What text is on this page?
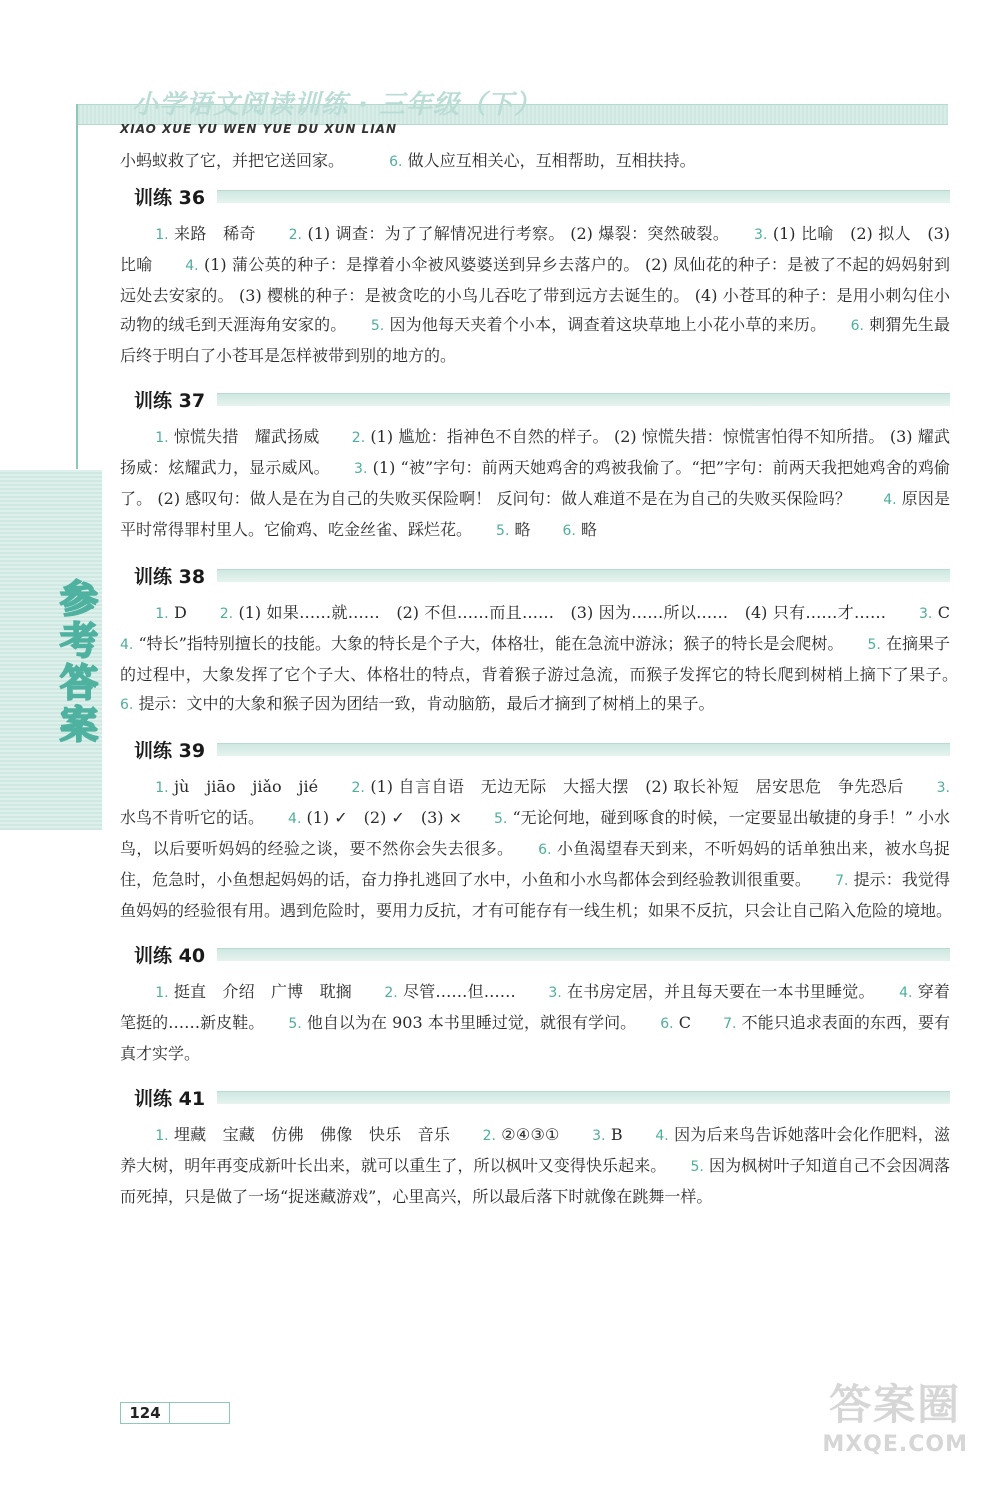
小学语文阅读训练 · 三年级（下）
XIAO XUE YU WEN YUE DU XUN LIAN
参
考
答
案

小蚂蚁救了它，并把它送回家。　　　	6. 做人应互相关心，互相帮助，互相扶持。

训练 36

1. 来路　稀奇　　 2. (1) 调查：为了了解情况进行考察。 (2) 爆裂：突然破裂。　　 3. (1) 比喻　(2) 拟人　(3) 比喻　　 4. (1) 蒲公英的种子：是撑着小伞被风婆婆送到异乡去落户的。 (2) 凤仙花的种子：是被了不起的妈妈射到远处去安家的。 (3) 樱桃的种子：是被贪吃的小鸟儿吞吃了带到远方去诞生的。 (4) 小苍耳的种子：是用小刺勾住小动物的绒毛到天涯海角安家的。　　 5. 因为他每天夹着个小本，调查着这块草地上小花小草的来历。　　 6. 刺猬先生最后终于明白了小苍耳是怎样被带到别的地方的。　　

训练 37

1. 惊慌失措　耀武扬威　　 2. (1) 尴尬：指神色不自然的样子。 (2) 惊慌失措：惊慌害怕得不知所措。 (3) 耀武扬威：炫耀武力，显示威风。　　 3. (1) “被”字句：前两天她鸡舍的鸡被我偷了。“把”字句：前两天我把她鸡舍的鸡偷了。 (2) 感叹句：做人是在为自己的失败买保险啊！ 反问句：做人难道不是在为自己的失败买保险吗？　　 4. 原因是平时常得罪村里人。它偷鸡、吃金丝雀、踩烂花。　　 5. 略　　 6. 略　　

训练 38

1. D　　 2. (1) 如果……就……　(2) 不但……而且……　(3) 因为……所以……　(4) 只有……才……　　 3. C　　4. “特长”指特别擅长的技能。大象的特长是个子大，体格壮，能在急流中游泳；猴子的特长是会爬树。　　 5. 在摘果子的过程中，大象发挥了它个子大、体格壮的特点，背着猴子游过急流，而猴子发挥它的特长爬到树梢上摘下了果子。　　6. 提示：文中的大象和猴子因为团结一致，肯动脑筋，最后才摘到了树梢上的果子。　　

训练 39

1. jù　jiāo　jiǎo　jié　　 2. (1) 自言自语　无边无际　大摇大摆　(2) 取长补短　居安思危　争先恐后　　 3. 水鸟不肯听它的话。　　 4. (1) ✓　(2) ✓　(3) ×　　 5. “无论何地，碰到啄食的时候，一定要显出敏捷的身手！” 小水鸟，以后要听妈妈的经验之谈，要不然你会失去很多。　　 6. 小鱼渴望春天到来，不听妈妈的话单独出来，被水鸟捉住，危急时，小鱼想起妈妈的话，奋力挣扎逃回了水中，小鱼和小水鸟都体会到经验教训很重要。　　 7. 提示：我觉得鱼妈妈的经验很有用。遇到危险时，要用力反抗，才有可能存有一线生机；如果不反抗，只会让自己陷入危险的境地。　　

训练 40

1. 挺直　介绍　广博　耽搁　　 2. 尽管……但……　　 3. 在书房定居，并且每天要在一本书里睡觉。　　 4. 穿着笔挺的……新皮鞋。　　 5. 他自以为在 903 本书里睡过觉，就很有学问。　　 6. C　　 7. 不能只追求表面的东西，要有真才实学。　　

训练 41

1. 埋藏　宝藏　仿佛　佛像　快乐　音乐　　 2. ②④③①　　 3. B　　 4. 因为后来鸟告诉她落叶会化作肥料，滋养大树，明年再变成新叶长出来，就可以重生了，所以枫叶又变得快乐起来。　　 5. 因为枫树叶子知道自己不会因凋落而死掉，只是做了一场“捉迷藏游戏”，心里高兴，所以最后落下时就像在跳舞一样。　　

124	答案圈
MXQE.COM
